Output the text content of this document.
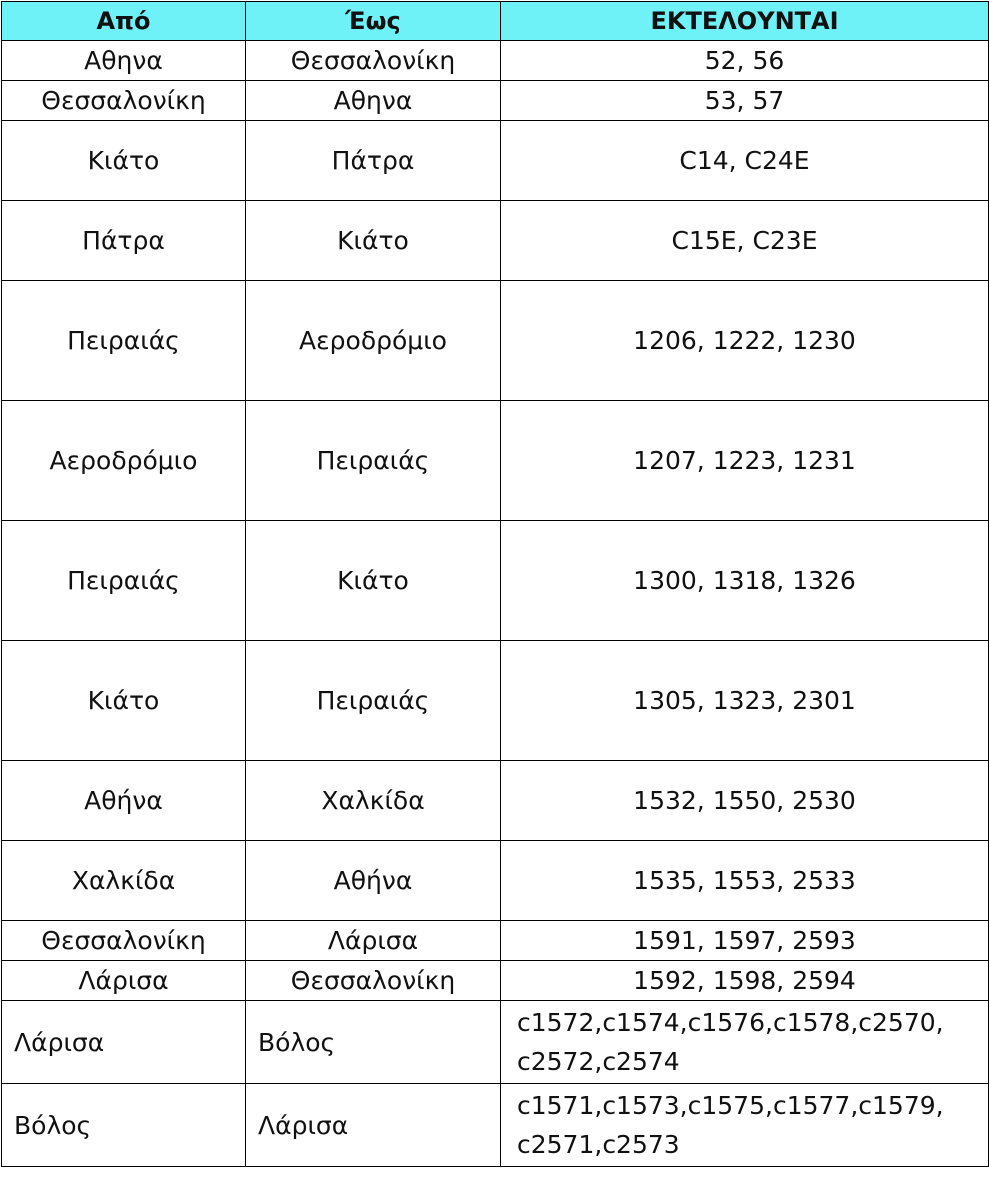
Από	Έως	ΕΚΤΕΛΟΥΝΤΑΙ
Αθηνα	Θεσσαλονίκη	52, 56
Θεσσαλονίκη	Αθηνα	53, 57
Κιάτο	Πάτρα	C14, C24E
Πάτρα	Κιάτο	C15E, C23E
Πειραιάς	Αεροδρόμιο	1206, 1222, 1230
Αεροδρόμιο	Πειραιάς	1207, 1223, 1231
Πειραιάς	Κιάτο	1300, 1318, 1326
Κιάτο	Πειραιάς	1305, 1323, 2301
Αθήνα	Χαλκίδα	1532, 1550, 2530
Χαλκίδα	Αθήνα	1535, 1553, 2533
Θεσσαλονίκη	Λάρισα	1591, 1597, 2593
Λάρισα	Θεσσαλονίκη	1592, 1598, 2594
Λάρισα	Βόλος	c1572,c1574,c1576,c1578,c2570,
c2572,c2574

Βόλος	Λάρισα	c1571,c1573,c1575,c1577,c1579,
c2571,c2573
